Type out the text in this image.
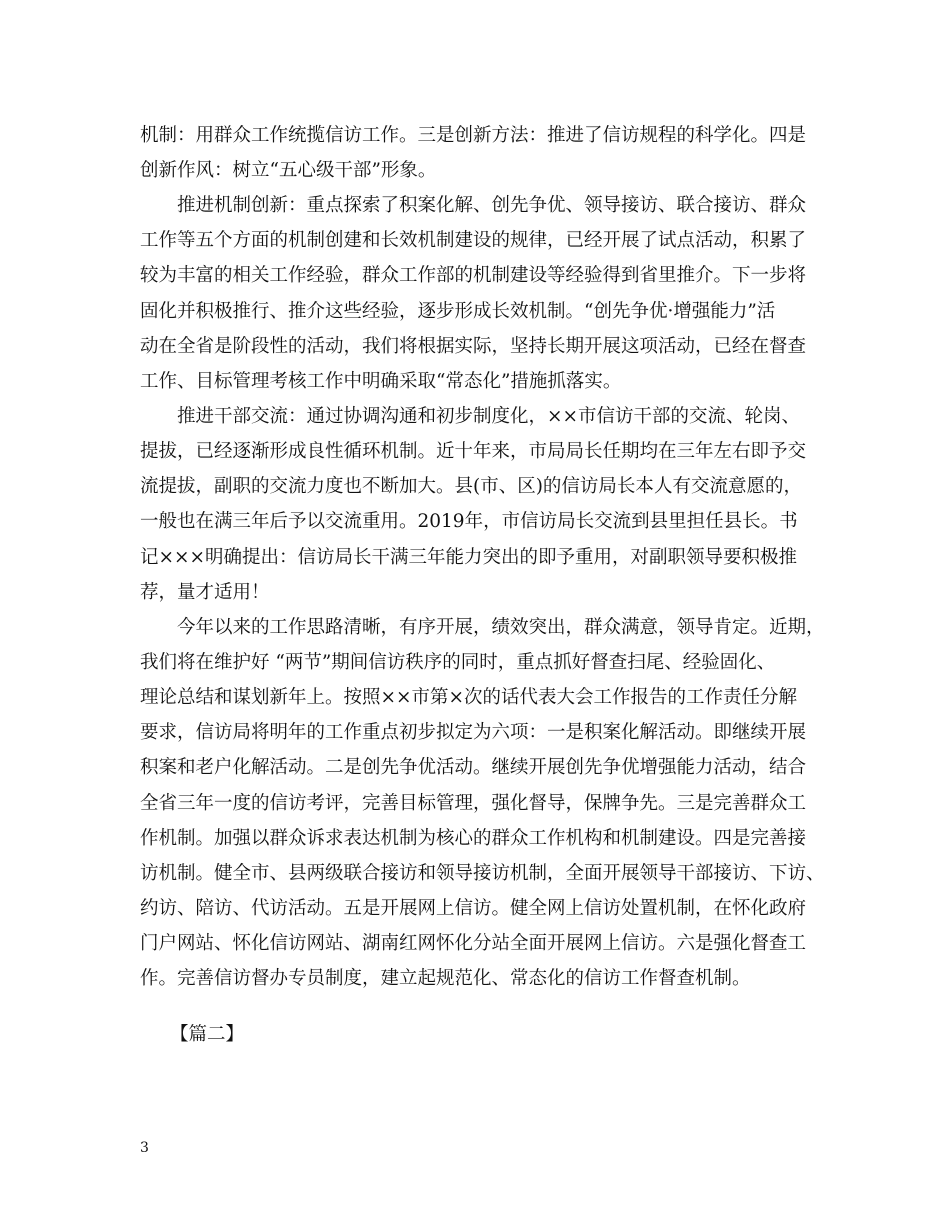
机制：用群众工作统揽信访工作。三是创新方法：推进了信访规程的科学化。四是
创新作风：树立“五心级干部”形象。
推进机制创新：重点探索了积案化解、创先争优、领导接访、联合接访、群众
工作等五个方面的机制创建和长效机制建设的规律，已经开展了试点活动，积累了
较为丰富的相关工作经验，群众工作部的机制建设等经验得到省里推介。下一步将
固化并积极推行、推介这些经验，逐步形成长效机制。“创先争优·增强能力”活
动在全省是阶段性的活动，我们将根据实际，坚持长期开展这项活动，已经在督查
工作、目标管理考核工作中明确采取“常态化”措施抓落实。
推进干部交流：通过协调沟通和初步制度化，××市信访干部的交流、轮岗、
提拔，已经逐渐形成良性循环机制。近十年来，市局局长任期均在三年左右即予交
流提拔，副职的交流力度也不断加大。县(市、区)的信访局长本人有交流意愿的，
一般也在满三年后予以交流重用。2019年，市信访局长交流到县里担任县长。书
记×××明确提出：信访局长干满三年能力突出的即予重用，对副职领导要积极推
荐，量才适用！
今年以来的工作思路清晰，有序开展，绩效突出，群众满意，领导肯定。近期，
我们将在维护好 “两节”期间信访秩序的同时，重点抓好督查扫尾、经验固化、
理论总结和谋划新年上。按照××市第×次的话代表大会工作报告的工作责任分解
要求，信访局将明年的工作重点初步拟定为六项：一是积案化解活动。即继续开展
积案和老户化解活动。二是创先争优活动。继续开展创先争优增强能力活动，结合
全省三年一度的信访考评，完善目标管理，强化督导，保牌争先。三是完善群众工
作机制。加强以群众诉求表达机制为核心的群众工作机构和机制建设。四是完善接
访机制。健全市、县两级联合接访和领导接访机制，全面开展领导干部接访、下访、
约访、陪访、代访活动。五是开展网上信访。健全网上信访处置机制，在怀化政府
门户网站、怀化信访网站、湖南红网怀化分站全面开展网上信访。六是强化督查工
作。完善信访督办专员制度，建立起规范化、常态化的信访工作督查机制。
【篇二】
3
